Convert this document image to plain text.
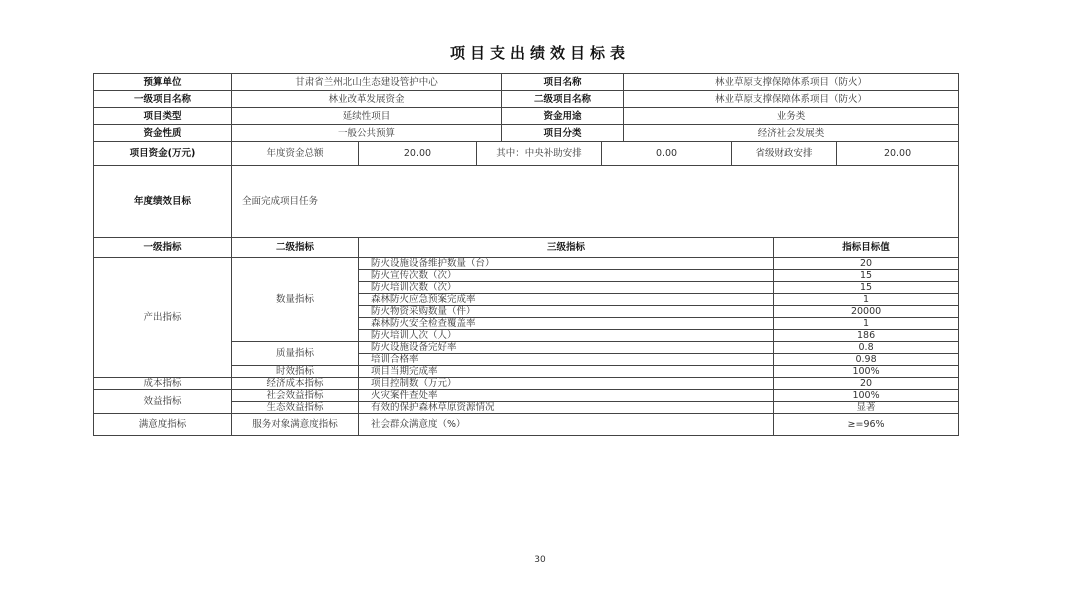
项目支出绩效目标表
预算单位	甘肃省兰州北山生态建设管护中心			项目名称		林业草原支撑保障体系项目（防火）			
一级项目名称	林业改革发展资金			二级项目名称		林业草原支撑保障体系项目（防火）			
项目类型	延续性项目			资金用途		业务类			
资金性质	一般公共预算			项目分类		经济社会发展类			
项目资金(万元)	年度资金总额	20.00	其中：中央补助安排		0.00		省级财政安排		20.00
年度绩效目标	全面完成项目任务								
一级指标	二级指标	三级指标						指标目标值	
产出指标	数量指标	防火设施设备维护数量（台）						20	
		防火宣传次数（次）						15	
		防火培训次数（次）						15	
		森林防火应急预案完成率						1	
		防火物资采购数量（件）						20000	
		森林防火安全检查覆盖率						1	
		防火培训人次（人）						186	
	质量指标	防火设施设备完好率						0.8	
		培训合格率						0.98	
	时效指标	项目当期完成率						100%	
成本指标	经济成本指标	项目控制数（万元）						20	
效益指标	社会效益指标	火灾案件查处率						100%	
	生态效益指标	有效的保护森林草原资源情况						显著	
满意度指标	服务对象满意度指标	社会群众满意度（%）						≥=96%	
30
